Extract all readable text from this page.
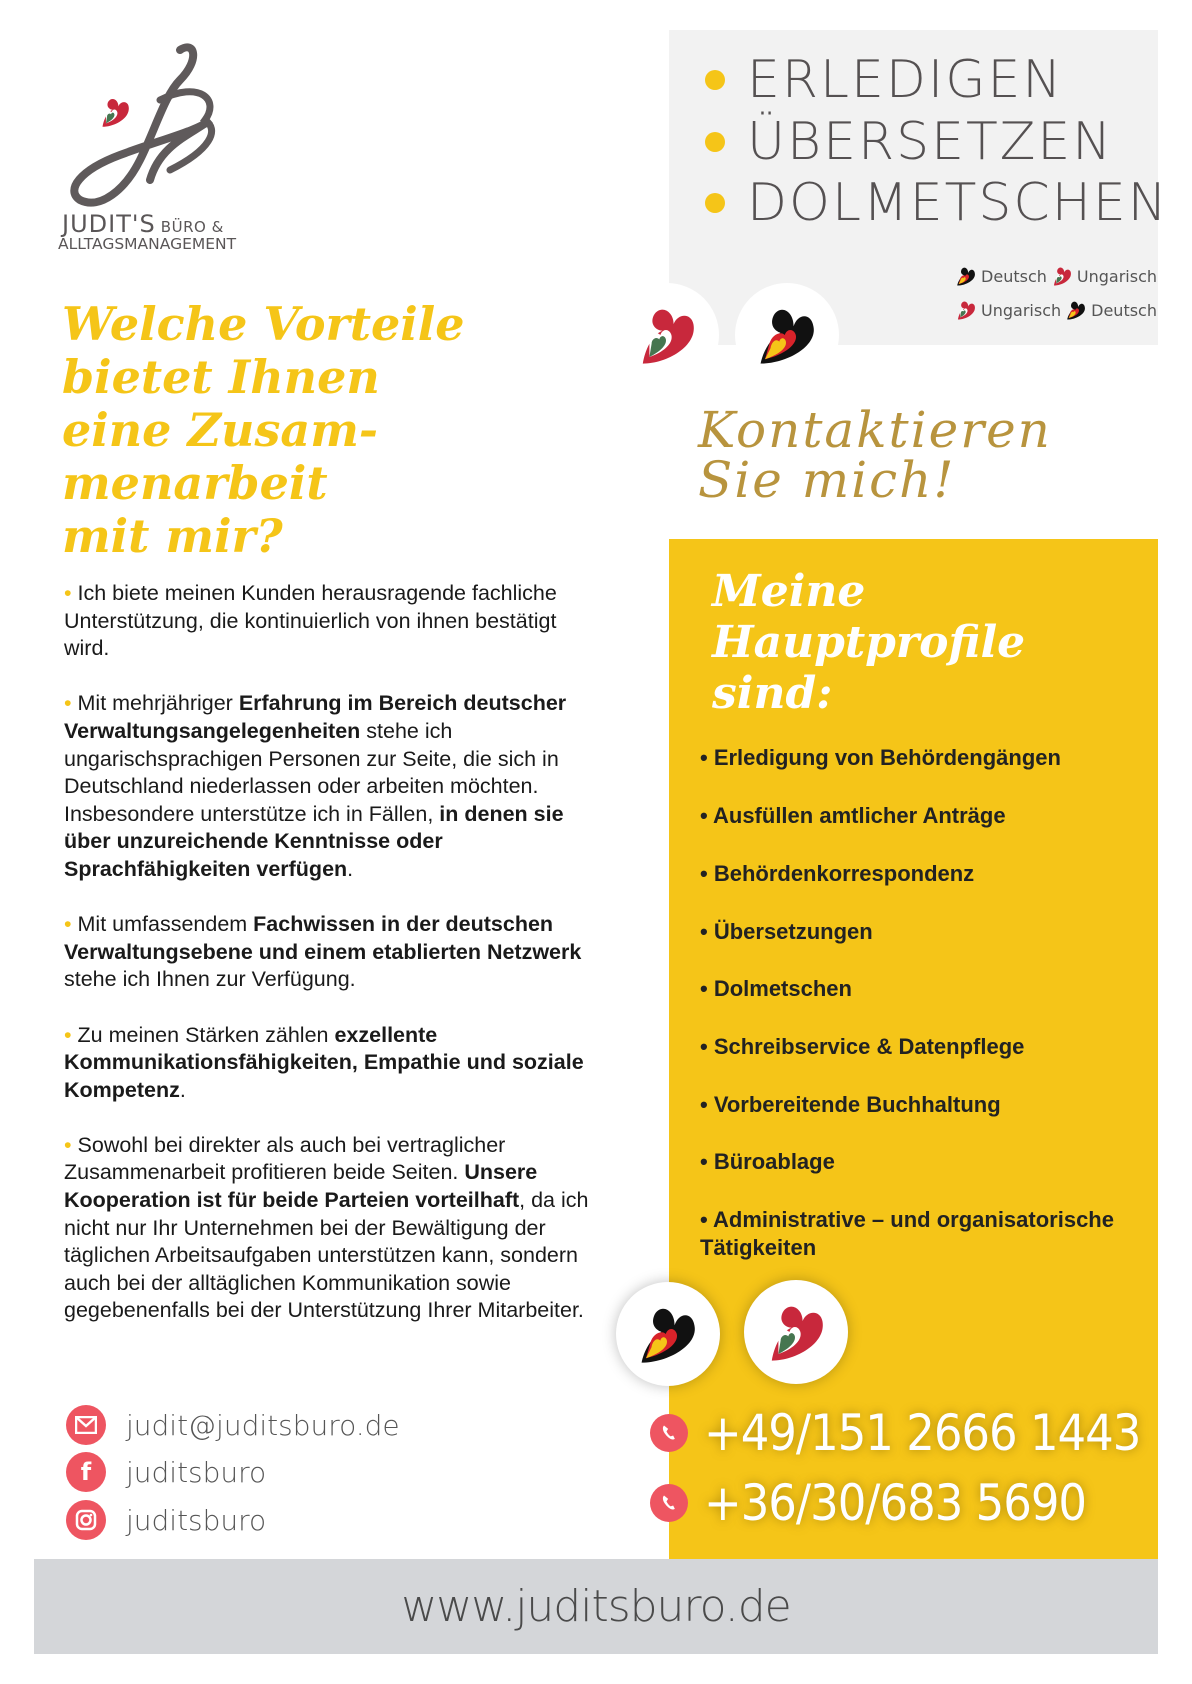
JUDIT'S BÜRO &
ALLTAGSMANAGEMENT
ERLEDIGEN
ÜBERSETZEN
DOLMETSCHEN
Deutsch Ungarisch
Ungarisch Deutsch
Welche Vorteile
bietet Ihnen
eine Zusam-
menarbeit
mit mir?

• Ich biete meinen Kunden herausragende fachliche Unterstützung, die kontinuierlich von ihnen bestätigt wird.

• Mit mehrjähriger Erfahrung im Bereich deutscher Verwaltungsangelegenheiten stehe ich ungarischsprachigen Personen zur Seite, die sich in Deutschland niederlassen oder arbeiten möchten. Insbesondere unterstütze ich in Fällen, in denen sie über unzureichende Kenntnisse oder Sprachfähigkeiten verfügen.

• Mit umfassendem Fachwissen in der deutschen Verwaltungsebene und einem etablierten Netzwerk stehe ich Ihnen zur Verfügung.

• Zu meinen Stärken zählen exzellente Kommunikationsfähigkeiten, Empathie und soziale Kompetenz.

• Sowohl bei direkter als auch bei vertraglicher Zusammenarbeit profitieren beide Seiten. Unsere Kooperation ist für beide Parteien vorteilhaft, da ich nicht nur Ihr Unternehmen bei der Bewältigung der täglichen Arbeitsaufgaben unterstützen kann, sondern auch bei der alltäglichen Kommunikation sowie gegebenenfalls bei der Unterstützung Ihrer Mitarbeiter.

Kontaktieren
Sie mich!
Meine
Hauptprofile
sind:
• Erledigung von Behördengängen
• Ausfüllen amtlicher Anträge
• Behördenkorrespondenz
• Übersetzungen
• Dolmetschen
• Schreibservice & Datenpflege
• Vorbereitende Buchhaltung
• Büroablage
• Administrative – und organisatorische Tätigkeiten
+49/151 2666 1443
+36/30/683 5690
judit@juditsburo.de
f	juditsburo
juditsburo
www.juditsburo.de
